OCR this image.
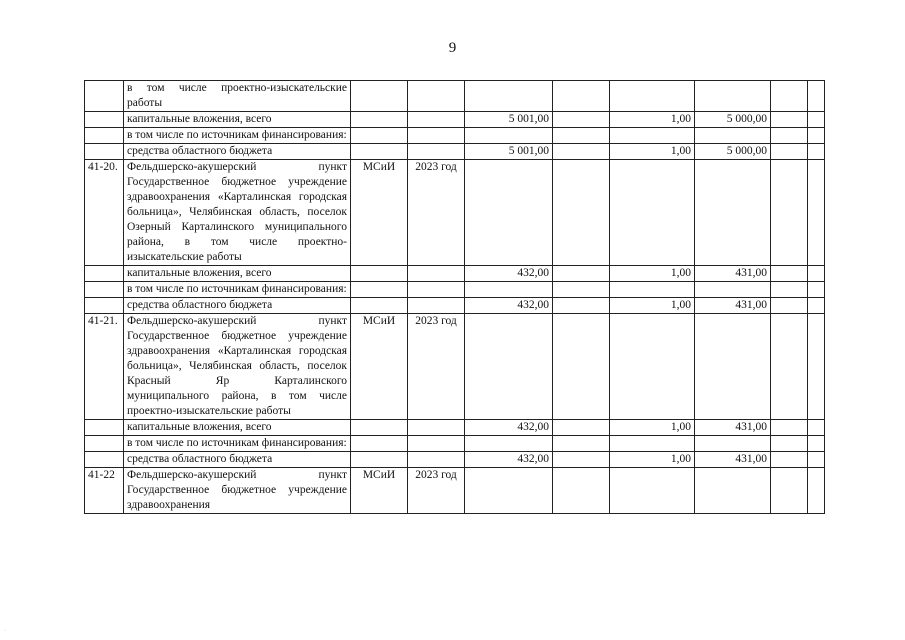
9
	в том числе проектно-изыскательские работы								
	капитальные вложения, всего			5 001,00		1,00	5 000,00		
	в том числе по источникам финансирования:								
	средства областного бюджета			5 001,00		1,00	5 000,00		
41-20.	Фельдшерско-акушерский пункт Государственное бюджетное учреждение здравоохранения «Карталинская городская больница», Челябинская область, поселок Озерный Карталинского муниципального района, в том числе проектно-изыскательские работы	МСиИ	2023 год						
	капитальные вложения, всего			432,00		1,00	431,00		
	в том числе по источникам финансирования:								
	средства областного бюджета			432,00		1,00	431,00		
41-21.	Фельдшерско-акушерский пункт Государственное бюджетное учреждение здравоохранения «Карталинская городская больница», Челябинская область, поселок Красный Яр Карталинского муниципального района, в том числе проектно-изыскательские работы	МСиИ	2023 год						
	капитальные вложения, всего			432,00		1,00	431,00		
	в том числе по источникам финансирования:								
	средства областного бюджета			432,00		1,00	431,00		
41-22	Фельдшерско-акушерский пункт Государственное бюджетное учреждение здравоохранения	МСиИ	2023 год						
·
